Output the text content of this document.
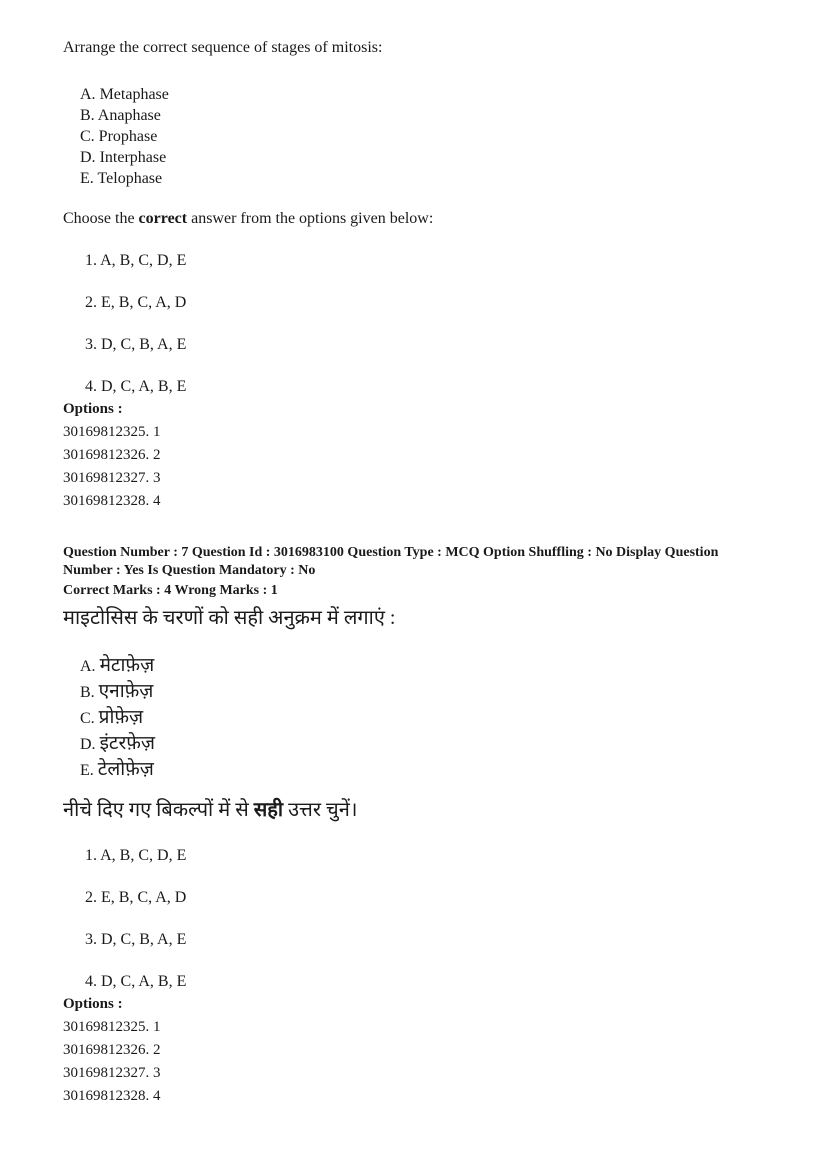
Arrange the correct sequence of stages of mitosis:

A. Metaphase
B. Anaphase
C. Prophase
D. Interphase
E. Telophase

Choose the correct answer from the options given below:

1. A, B, C, D, E

2. E, B, C, A, D

3. D, C, B, A, E

4. D, C, A, B, E

Options :

30169812325. 1

30169812326. 2

30169812327. 3

30169812328. 4

Question Number : 7 Question Id : 3016983100 Question Type : MCQ Option Shuffling : No Display Question

Number : Yes Is Question Mandatory : No

Correct Marks : 4 Wrong Marks : 1

माइटोसिस के चरणों को सही अनुक्रम में लगाएं :

A. मेटाफ़ेज़
B. एनाफ़ेज़
C. प्रोफ़ेज़
D. इंटरफ़ेज़
E. टेलोफ़ेज़

नीचे दिए गए बिकल्पों में से सही उत्तर चुनें।

1. A, B, C, D, E

2. E, B, C, A, D

3. D, C, B, A, E

4. D, C, A, B, E

Options :

30169812325. 1

30169812326. 2

30169812327. 3

30169812328. 4
